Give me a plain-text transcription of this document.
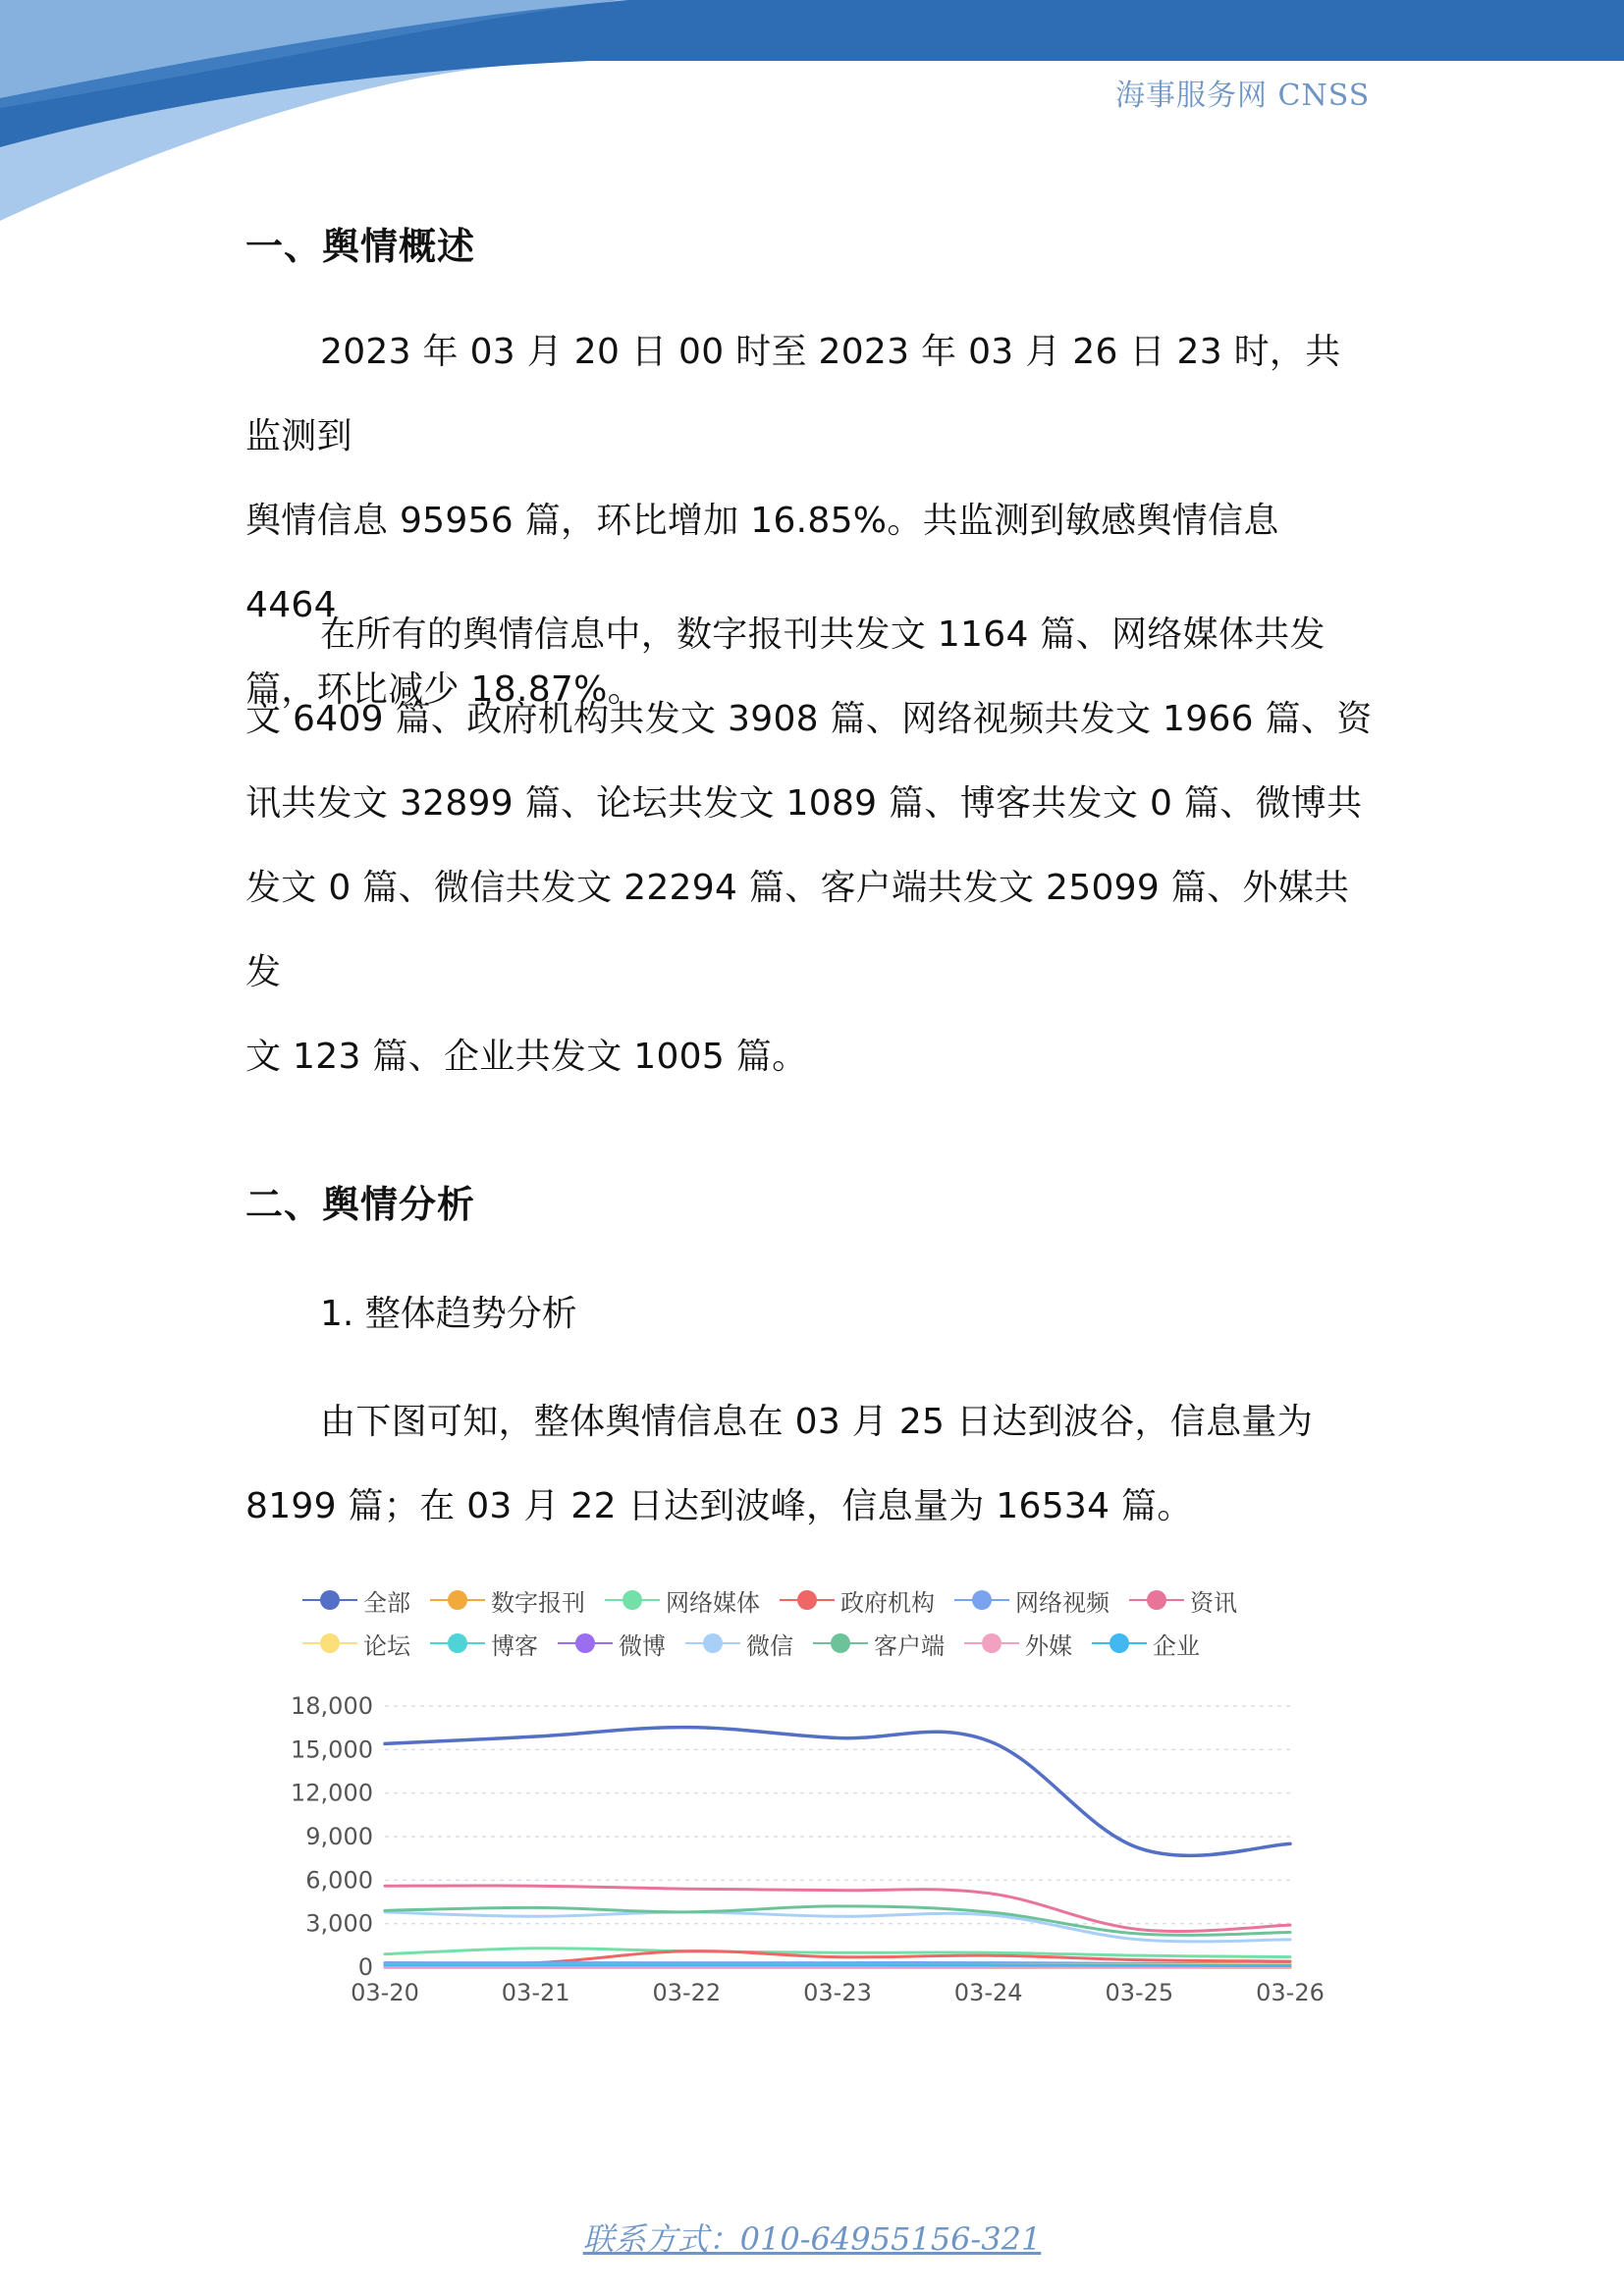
海事服务网 CNSS
一、舆情概述
2023 年 03 月 20 日 00 时至 2023 年 03 月 26 日 23 时，共监测到
舆情信息 95956 篇，环比增加 16.85%。共监测到敏感舆情信息 4464
篇，环比减少 18.87%。
在所有的舆情信息中，数字报刊共发文 1164 篇、网络媒体共发
文 6409 篇、政府机构共发文 3908 篇、网络视频共发文 1966 篇、资
讯共发文 32899 篇、论坛共发文 1089 篇、博客共发文 0 篇、微博共
发文 0 篇、微信共发文 22294 篇、客户端共发文 25099 篇、外媒共发
文 123 篇、企业共发文 1005 篇。
二、舆情分析
1. 整体趋势分析
由下图可知，整体舆情信息在 03 月 25 日达到波谷，信息量为
8199 篇；在 03 月 22 日达到波峰，信息量为 16534 篇。
全部	数字报刊	网络媒体	政府机构	网络视频	资讯
论坛	博客	微博	微信	客户端	外媒	企业
0
3,000
6,000
9,000
12,000
15,000
18,000
03-20	03-21	03-22	03-23	03-24	03-25	03-26
联系方式：010-64955156-321
